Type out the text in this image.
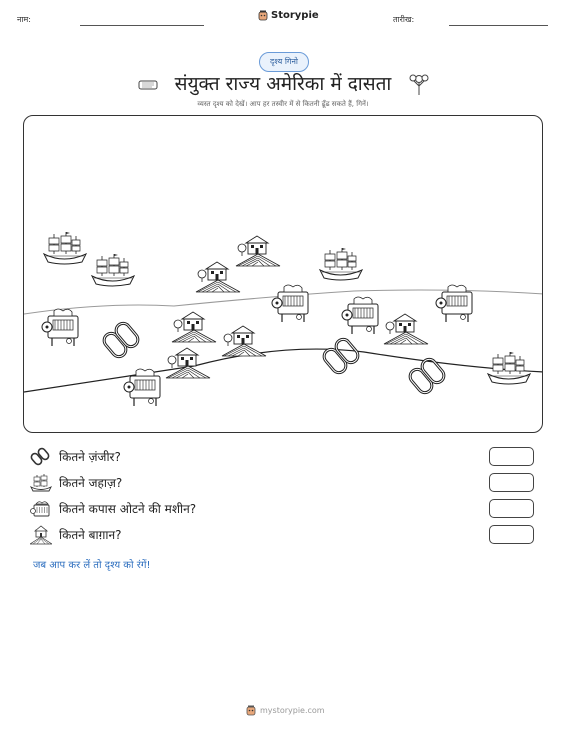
नाम:	Storypie	तारीख:
दृश्य गिनो
संयुक्त राज्य अमेरिका में दासता
व्यस्त दृश्य को देखें। आप हर तस्वीर में से कितनी ढूँढ सकते हैं, गिनें।
कितने ज़ंजीर?
कितने जहाज़?
कितने कपास ओटने की मशीन?
कितने बाग़ान?
जब आप कर लें तो दृश्य को रंगें!
mystorypie.com
